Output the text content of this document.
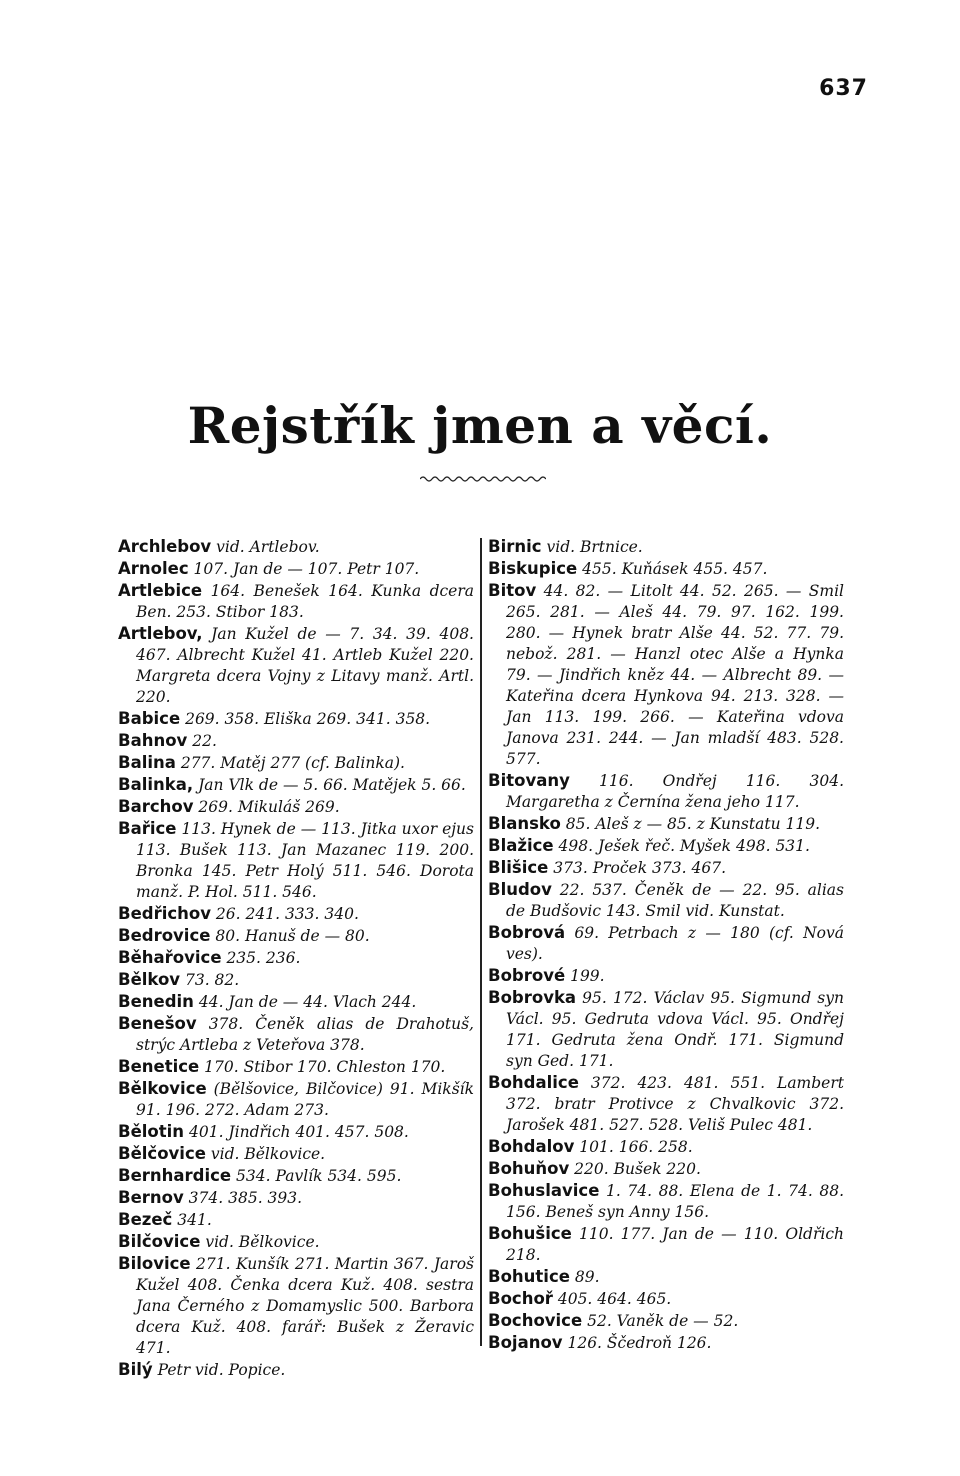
637
Rejstřík jmen a věcí.

Archlebov vid. Artlebov.

Arnolec 107. Jan de — 107. Petr 107.

Artlebice 164. Benešek 164. Kunka dcera Ben. 253. Stibor 183.

Artlebov, Jan Kužel de — 7. 34. 39. 408. 467. Albrecht Kužel 41. Artleb Kužel 220. Margreta dcera Vojny z Litavy manž. Artl. 220.

Babice 269. 358. Eliška 269. 341. 358.

Bahnov 22.

Balina 277. Matěj 277 (cf. Balinka).

Balinka, Jan Vlk de — 5. 66. Matějek 5. 66.

Barchov 269. Mikuláš 269.

Bařice 113. Hynek de — 113. Jitka uxor ejus 113. Bušek 113. Jan Mazanec 119. 200. Bronka 145. Petr Holý 511. 546. Dorota manž. P. Hol. 511. 546.

Bedřichov 26. 241. 333. 340.

Bedrovice 80. Hanuš de — 80.

Běhařovice 235. 236.

Bělkov 73. 82.

Benedin 44. Jan de — 44. Vlach 244.

Benešov 378. Čeněk alias de Drahotuš, strýc Artleba z Veteřova 378.

Benetice 170. Stibor 170. Chleston 170.

Bělkovice (Bělšovice, Bilčovice) 91. Mikšík 91. 196. 272. Adam 273.

Bělotin 401. Jindřich 401. 457. 508.

Bělčovice vid. Bělkovice.

Bernhardice 534. Pavlík 534. 595.

Bernov 374. 385. 393.

Bezeč 341.

Bilčovice vid. Bělkovice.

Bilovice 271. Kunšík 271. Martin 367. Jaroš Kužel 408. Čenka dcera Kuž. 408. sestra Jana Černého z Domamyslic 500. Barbora dcera Kuž. 408. farář: Bušek z Žeravic 471.

Bilý Petr vid. Popice.

Birnic vid. Brtnice.

Biskupice 455. Kuňásek 455. 457.

Bitov 44. 82. — Litolt 44. 52. 265. — Smil 265. 281. — Aleš 44. 79. 97. 162. 199. 280. — Hynek bratr Alše 44. 52. 77. 79. nebož. 281. — Hanzl otec Alše a Hynka 79. — Jindřich kněz 44. — Albrecht 89. — Kateřina dcera Hynkova 94. 213. 328. — Jan 113. 199. 266. — Kateřina vdova Janova 231. 244. — Jan mladší 483. 528. 577.

Bitovany 116. Ondřej 116. 304. Margaretha z Černína žena jeho 117.

Blansko 85. Aleš z — 85. z Kunstatu 119.

Blažice 498. Ješek řeč. Myšek 498. 531.

Blišice 373. Proček 373. 467.

Bludov 22. 537. Čeněk de — 22. 95. alias de Budšovic 143. Smil vid. Kunstat.

Bobrová 69. Petrbach z — 180 (cf. Nová ves).

Bobrové 199.

Bobrovka 95. 172. Václav 95. Sigmund syn Václ. 95. Gedruta vdova Václ. 95. Ondřej 171. Gedruta žena Ondř. 171. Sigmund syn Ged. 171.

Bohdalice 372. 423. 481. 551. Lambert 372. bratr Protivce z Chvalkovic 372. Jarošek 481. 527. 528. Veliš Pulec 481.

Bohdalov 101. 166. 258.

Bohuňov 220. Bušek 220.

Bohuslavice 1. 74. 88. Elena de 1. 74. 88. 156. Beneš syn Anny 156.

Bohušice 110. 177. Jan de — 110. Oldřich 218.

Bohutice 89.

Bochoř 405. 464. 465.

Bochovice 52. Vaněk de — 52.

Bojanov 126. Ščedroň 126.
